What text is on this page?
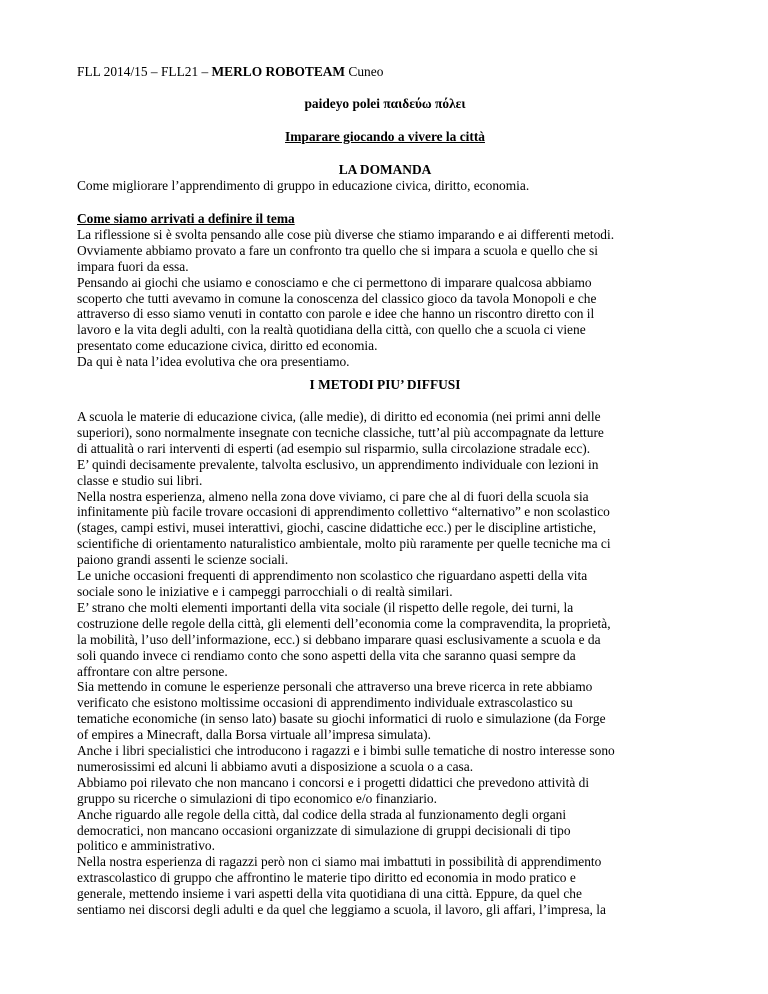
FLL 2014/15 – FLL21 – MERLO ROBOTEAM Cuneo
paideyo polei παιδεύω πόλει
Imparare giocando a vivere la città
LA DOMANDA
Come migliorare l’apprendimento di gruppo in educazione civica, diritto, economia.

Come siamo arrivati a definire il tema

La riflessione si è svolta pensando alle cose più diverse che stiamo imparando e ai differenti metodi.

Ovviamente abbiamo provato a fare un confronto tra quello che si impara a scuola e quello che si

impara fuori da essa.

Pensando ai giochi che usiamo e conosciamo e che ci permettono di imparare qualcosa abbiamo

scoperto che tutti avevamo in comune la conoscenza del classico gioco da tavola Monopoli e che

attraverso di esso siamo venuti in contatto con parole e idee che hanno un riscontro diretto con il

lavoro e la vita degli adulti, con la realtà quotidiana della città, con quello che a scuola ci viene

presentato come educazione civica, diritto ed economia.

Da qui è nata l’idea evolutiva che ora presentiamo.

I METODI PIU’ DIFFUSI

A scuola le materie di educazione civica, (alle medie), di diritto ed economia (nei primi anni delle

superiori), sono normalmente insegnate con tecniche classiche, tutt’al più accompagnate da letture

di attualità o rari interventi di esperti (ad esempio sul risparmio, sulla circolazione stradale ecc).

E’ quindi decisamente prevalente, talvolta esclusivo, un apprendimento individuale con lezioni in

classe e studio sui libri.

Nella nostra esperienza, almeno nella zona dove viviamo, ci pare che al di fuori della scuola sia

infinitamente più facile trovare occasioni di apprendimento collettivo “alternativo” e non scolastico

(stages, campi estivi, musei interattivi, giochi, cascine didattiche ecc.) per le discipline artistiche,

scientifiche di orientamento naturalistico ambientale, molto più raramente per quelle tecniche ma ci

paiono grandi assenti le scienze sociali.

Le uniche occasioni frequenti di apprendimento non scolastico che riguardano aspetti della vita

sociale sono le iniziative e i campeggi parrocchiali o di realtà similari.

E’ strano che molti elementi importanti della vita sociale (il rispetto delle regole, dei turni, la

costruzione delle regole della città, gli elementi dell’economia come la compravendita, la proprietà,

la mobilità, l’uso dell’informazione, ecc.) si debbano imparare quasi esclusivamente a scuola e da

soli quando invece ci rendiamo conto che sono aspetti della vita che saranno quasi sempre da

affrontare con altre persone.

Sia mettendo in comune le esperienze personali che attraverso una breve ricerca in rete abbiamo

verificato che esistono moltissime occasioni di apprendimento individuale extrascolastico su

tematiche economiche (in senso lato) basate su giochi informatici di ruolo e simulazione (da Forge

of empires a Minecraft, dalla Borsa virtuale all’impresa simulata).

Anche i libri specialistici che introducono i ragazzi e i bimbi sulle tematiche di nostro interesse sono

numerosissimi ed alcuni li abbiamo avuti a disposizione a scuola o a casa.

Abbiamo poi rilevato che non mancano i concorsi e i progetti didattici che prevedono attività di

gruppo su ricerche o simulazioni di tipo economico e/o finanziario.

Anche riguardo alle regole della città, dal codice della strada al funzionamento degli organi

democratici, non mancano occasioni organizzate di simulazione di gruppi decisionali di tipo

politico e amministrativo.

Nella nostra esperienza di ragazzi però non ci siamo mai imbattuti in possibilità di apprendimento

extrascolastico di gruppo che affrontino le materie tipo diritto ed economia in modo pratico e

generale, mettendo insieme i vari aspetti della vita quotidiana di una città. Eppure, da quel che

sentiamo nei discorsi degli adulti e da quel che leggiamo a scuola, il lavoro, gli affari, l’impresa, la
